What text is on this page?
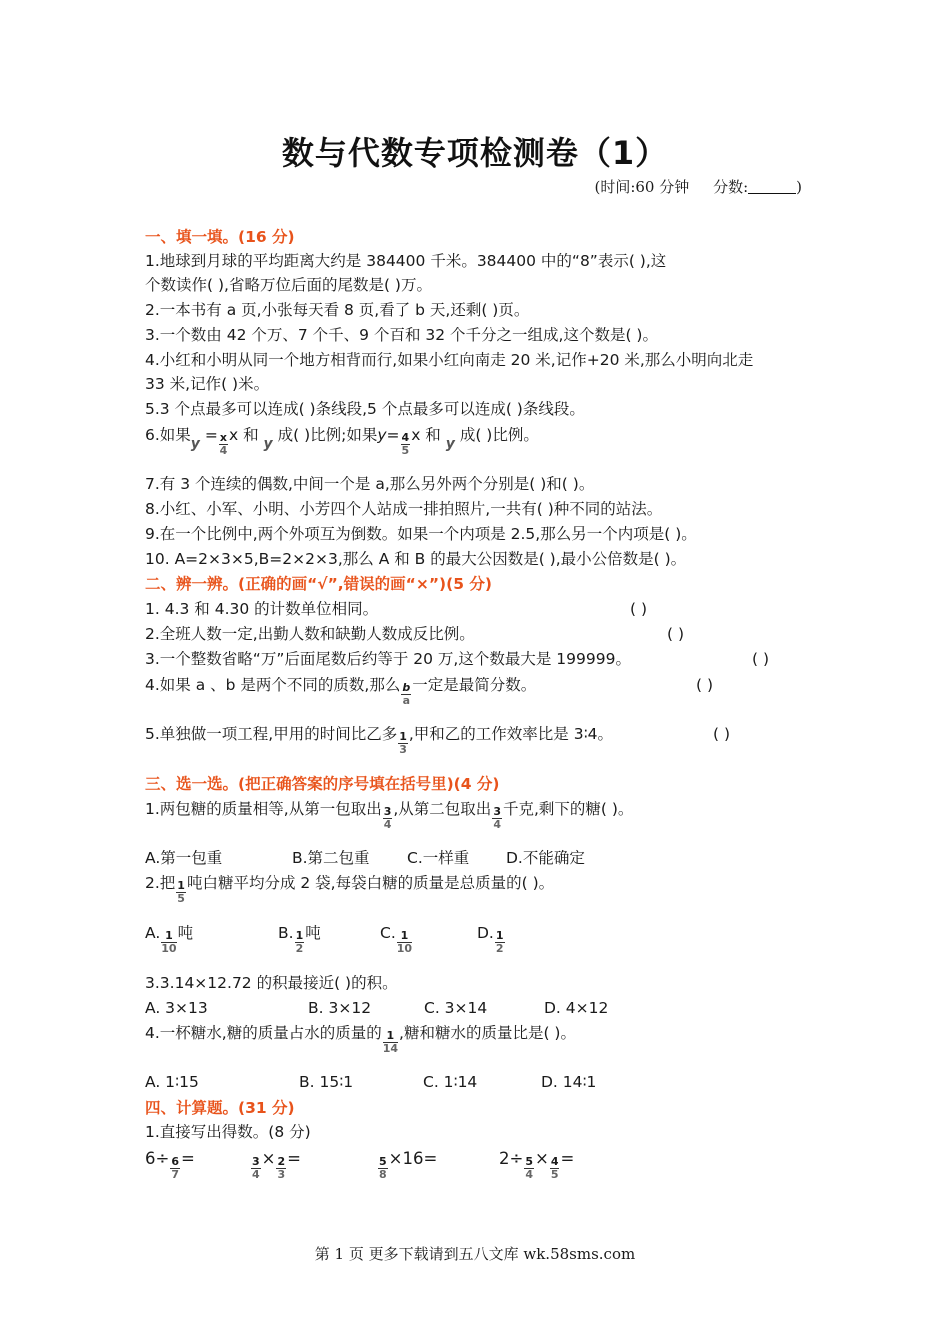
数与代数专项检测卷（1）
(时间:60 分钟 分数:	)
一、填一填。(16 分)
1.地球到月球的平均距离大约是 384400 千米。384400 中的“8”表示( ),这
个数读作( ),省略万位后面的尾数是( )万。
2.一本书有 a 页,小张每天看 8 页,看了 b 天,还剩( )页。
3.一个数由 42 个万、7 个千、9 个百和 32 个千分之一组成,这个数是( )。
4.小红和小明从同一个地方相背而行,如果小红向南走 20 米,记作+20 米,那么小明向北走
33 米,记作( )米。
5.3 个点最多可以连成( )条线段,5 个点最多可以连成( )条线段。
6.如果$y = \frac{x}{4}$ x 和 y 成( )比例;如果$y= \frac{4}{5}$ x 和 y 成( )比例。
7.有 3 个连续的偶数,中间一个是 a,那么另外两个分别是( )和( )。
8.小红、小军、小明、小芳四个人站成一排拍照片,一共有( )种不同的站法。
9.在一个比例中,两个外项互为倒数。如果一个内项是 2.5,那么另一个内项是( )。
10. A=2×3×5,B=2×2×3,那么 A 和 B 的最大公因数是( ),最小公倍数是( )。
二、辨一辨。(正确的画“√”,错误的画“×”)(5 分)
1. 4.3 和 4.30 的计数单位相同。	( )
2.全班人数一定,出勤人数和缺勤人数成反比例。	( )
3.一个整数省略“万”后面尾数后约等于 20 万,这个数最大是 199999。	( )
4.如果 a 、b 是两个不同的质数,那么 $\frac{b}{a}$ 一定是最简分数。	( )
5.单独做一项工程,甲用的时间比乙多 $\frac{1}{3}$ ,甲和乙的工作效率比是 3∶4。	( )
三、选一选。(把正确答案的序号填在括号里)(4 分)
1.两包糖的质量相等,从第一包取出 $\frac{3}{4}$ ,从第二包取出 $\frac{3}{4}$ 千克,剩下的糖( )。
A.第一包重	B.第二包重 C.一样重 D.不能确定
2.把 $\frac{1}{5}$ 吨白糖平均分成 2 袋,每袋白糖的质量是总质量的( )。
A. $\frac{1}{10}$ 吨	B. $\frac{1}{2}$ 吨	C. $\frac{1}{10}$	D. $\frac{1}{2}$
3.3.14×12.72 的积最接近( )的积。
A. 3×13	B. 3×12	C. 3×14	D. 4×12
4.一杯糖水,糖的质量占水的质量的 $\frac{1}{14}$ ,糖和糖水的质量比是( )。
A. 1∶15	B. 15∶1	C. 1∶14	D. 14∶1
四、计算题。(31 分)
1.直接写出得数。(8 分)
$6\div \frac{6}{7}$ =	$\frac{3}{4} \times \frac{2}{3}$ =	$\frac{5}{8} \times 16=$	$2\div \frac{5}{4} \times \frac{4}{5}$ =
第 1 页 更多下载请到五八文库 wk.58sms.com
